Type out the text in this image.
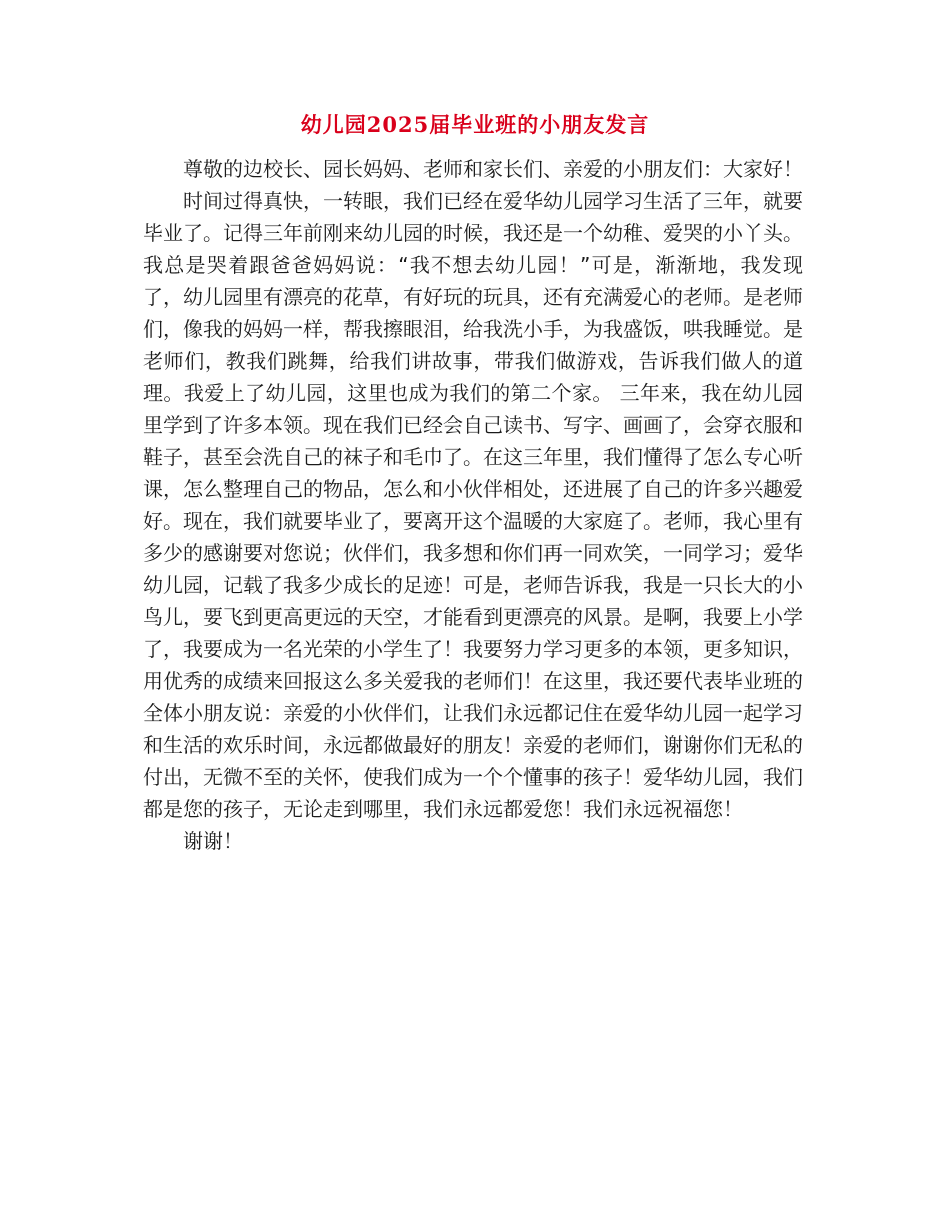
幼儿园2025届毕业班的小朋友发言

尊敬的边校长、园长妈妈、老师和家长们、亲爱的小朋友们：大家好！

时间过得真快，一转眼，我们已经在爱华幼儿园学习生活了三年，就要毕业了。记得三年前刚来幼儿园的时候，我还是一个幼稚、爱哭的小丫头。我总是哭着跟爸爸妈妈说：“我不想去幼儿园！”可是，渐渐地，我发现了，幼儿园里有漂亮的花草，有好玩的玩具，还有充满爱心的老师。是老师们，像我的妈妈一样，帮我擦眼泪，给我洗小手，为我盛饭，哄我睡觉。是老师们，教我们跳舞，给我们讲故事，带我们做游戏，告诉我们做人的道理。我爱上了幼儿园，这里也成为我们的第二个家。 三年来，我在幼儿园里学到了许多本领。现在我们已经会自己读书、写字、画画了，会穿衣服和鞋子，甚至会洗自己的袜子和毛巾了。在这三年里，我们懂得了怎么专心听课，怎么整理自己的物品，怎么和小伙伴相处，还进展了自己的许多兴趣爱好。现在，我们就要毕业了，要离开这个温暖的大家庭了。老师，我心里有多少的感谢要对您说；伙伴们，我多想和你们再一同欢笑，一同学习；爱华幼儿园，记载了我多少成长的足迹！可是，老师告诉我，我是一只长大的小鸟儿，要飞到更高更远的天空，才能看到更漂亮的风景。是啊，我要上小学了，我要成为一名光荣的小学生了！我要努力学习更多的本领，更多知识，用优秀的成绩来回报这么多关爱我的老师们！在这里，我还要代表毕业班的全体小朋友说：亲爱的小伙伴们，让我们永远都记住在爱华幼儿园一起学习和生活的欢乐时间，永远都做最好的朋友！亲爱的老师们，谢谢你们无私的付出，无微不至的关怀，使我们成为一个个懂事的孩子！爱华幼儿园，我们都是您的孩子，无论走到哪里，我们永远都爱您！我们永远祝福您！

谢谢！
